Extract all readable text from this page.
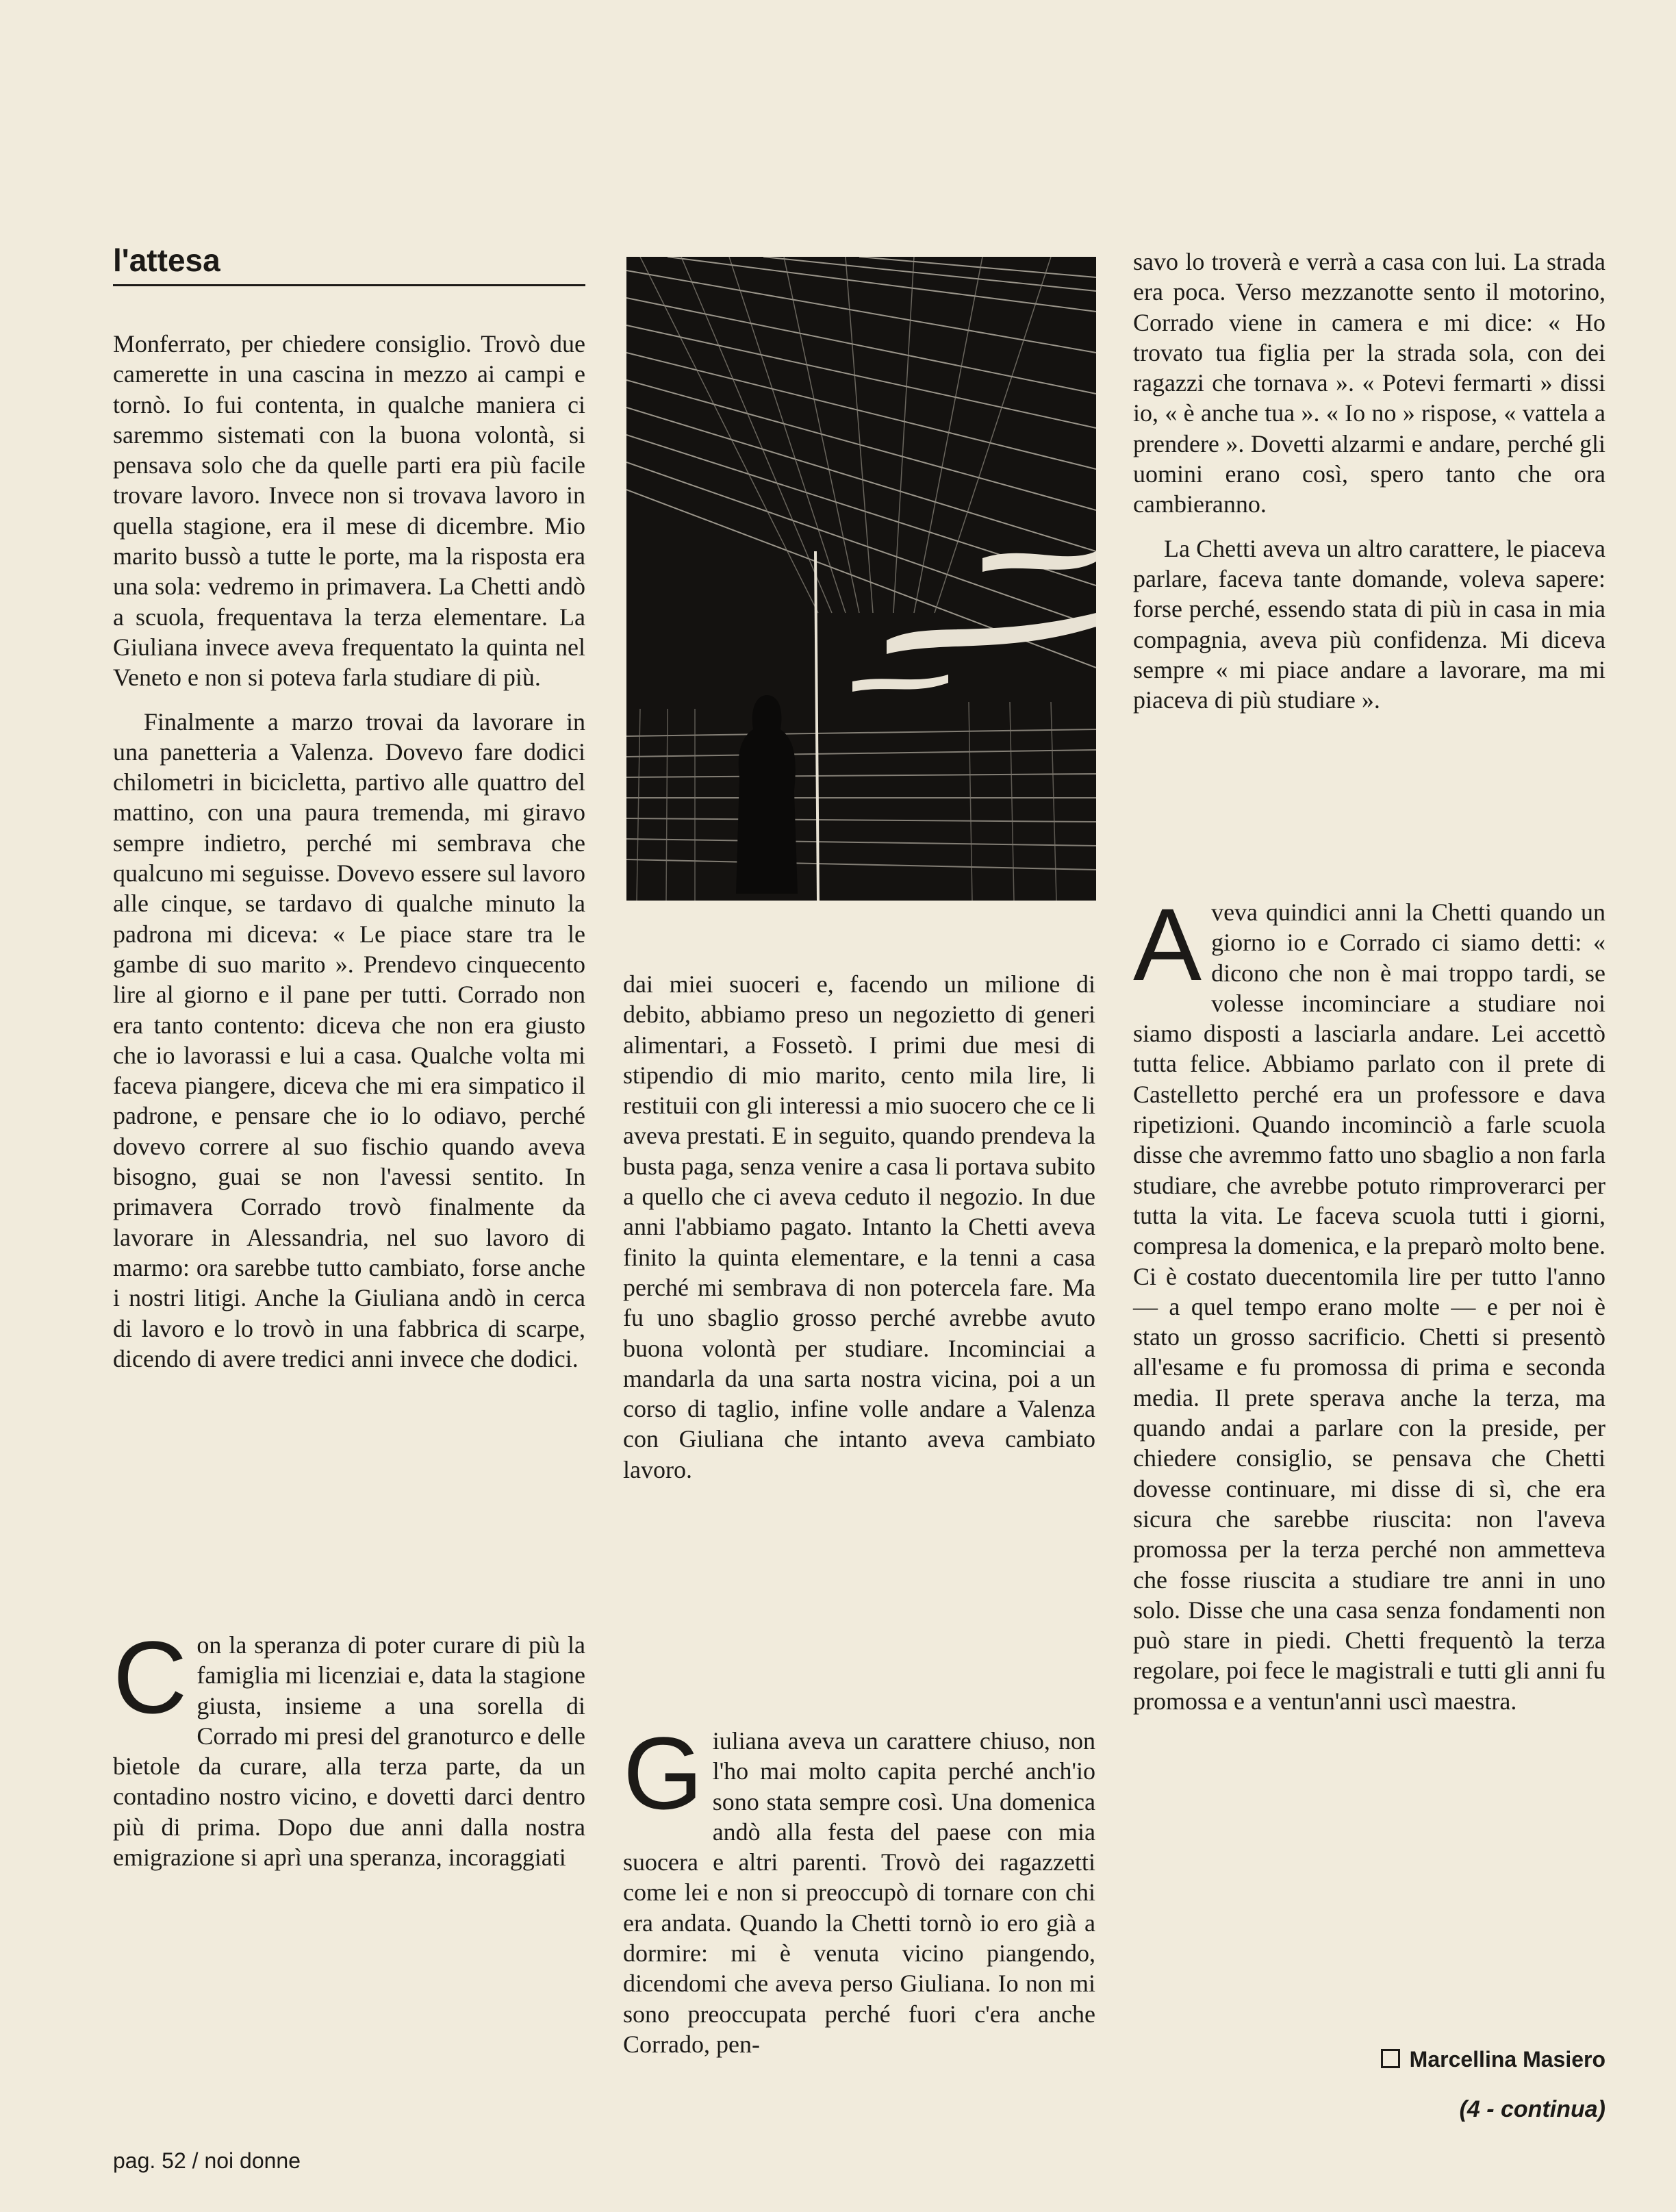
l'attesa

Monferrato, per chiedere consiglio. Trovò due camerette in una cascina in mezzo ai campi e tornò. Io fui contenta, in qualche maniera ci saremmo sistemati con la buona volontà, si pensava solo che da quelle parti era più facile trovare lavoro. Invece non si trovava lavoro in quella stagione, era il mese di dicembre. Mio marito bussò a tutte le porte, ma la risposta era una sola: vedremo in primavera. La Chetti andò a scuola, frequentava la terza elementare. La Giuliana invece aveva frequentato la quinta nel Veneto e non si poteva farla studiare di più.

Finalmente a marzo trovai da lavorare in una panetteria a Valenza. Dovevo fare dodici chilometri in bicicletta, partivo alle quattro del mattino, con una paura tremenda, mi giravo sempre indietro, perché mi sembrava che qualcuno mi seguisse. Dovevo essere sul lavoro alle cinque, se tardavo di qualche minuto la padrona mi diceva: « Le piace stare tra le gambe di suo marito ». Prendevo cinquecento lire al giorno e il pane per tutti. Corrado non era tanto contento: diceva che non era giusto che io lavorassi e lui a casa. Qualche volta mi faceva piangere, diceva che mi era simpatico il padrone, e pensare che io lo odiavo, perché dovevo correre al suo fischio quando aveva bisogno, guai se non l'avessi sentito. In primavera Corrado trovò finalmente da lavorare in Alessandria, nel suo lavoro di marmo: ora sarebbe tutto cambiato, forse anche i nostri litigi. Anche la Giuliana andò in cerca di lavoro e lo trovò in una fabbrica di scarpe, dicendo di avere tredici anni invece che dodici.

Con la speranza di poter curare di più la famiglia mi licenziai e, data la stagione giusta, insieme a una sorella di Corrado mi presi del granoturco e delle bietole da curare, alla terza parte, da un contadino nostro vicino, e dovetti darci dentro più di prima. Dopo due anni dalla nostra emigrazione si aprì una speranza, incoraggiati

dai miei suoceri e, facendo un milione di debito, abbiamo preso un negozietto di generi alimentari, a Fossetò. I primi due mesi di stipendio di mio marito, cento mila lire, li restituii con gli interessi a mio suocero che ce li aveva prestati. E in seguito, quando prendeva la busta paga, senza venire a casa li portava subito a quello che ci aveva ceduto il negozio. In due anni l'abbiamo pagato. Intanto la Chetti aveva finito la quinta elementare, e la tenni a casa perché mi sembrava di non potercela fare. Ma fu uno sbaglio grosso perché avrebbe avuto buona volontà per studiare. Incominciai a mandarla da una sarta nostra vicina, poi a un corso di taglio, infine volle andare a Valenza con Giuliana che intanto aveva cambiato lavoro.

Giuliana aveva un carattere chiuso, non l'ho mai molto capita perché anch'io sono stata sempre così. Una domenica andò alla festa del paese con mia suocera e altri parenti. Trovò dei ragazzetti come lei e non si preoccupò di tornare con chi era andata. Quando la Chetti tornò io ero già a dormire: mi è venuta vicino piangendo, dicendomi che aveva perso Giuliana. Io non mi sono preoccupata perché fuori c'era anche Corrado, pen-

savo lo troverà e verrà a casa con lui. La strada era poca. Verso mezzanotte sento il motorino, Corrado viene in camera e mi dice: « Ho trovato tua figlia per la strada sola, con dei ragazzi che tornava ». « Potevi fermarti » dissi io, « è anche tua ». « Io no » rispose, « vattela a prendere ». Dovetti alzarmi e andare, perché gli uomini erano così, spero tanto che ora cambieranno.

La Chetti aveva un altro carattere, le piaceva parlare, faceva tante domande, voleva sapere: forse perché, essendo stata di più in casa in mia compagnia, aveva più confidenza. Mi diceva sempre « mi piace andare a lavorare, ma mi piaceva di più studiare ».

Aveva quindici anni la Chetti quando un giorno io e Corrado ci siamo detti: « dicono che non è mai troppo tardi, se volesse incominciare a studiare noi siamo disposti a lasciarla andare. Lei accettò tutta felice. Abbiamo parlato con il prete di Castelletto perché era un professore e dava ripetizioni. Quando incominciò a farle scuola disse che avremmo fatto uno sbaglio a non farla studiare, che avrebbe potuto rimproverarci per tutta la vita. Le faceva scuola tutti i giorni, compresa la domenica, e la preparò molto bene. Ci è costato duecentomila lire per tutto l'anno — a quel tempo erano molte — e per noi è stato un grosso sacrificio. Chetti si presentò all'esame e fu promossa di prima e seconda media. Il prete sperava anche la terza, ma quando andai a parlare con la preside, per chiedere consiglio, se pensava che Chetti dovesse continuare, mi disse di sì, che era sicura che sarebbe riuscita: non l'aveva promossa per la terza perché non ammetteva che fosse riuscita a studiare tre anni in uno solo. Disse che una casa senza fondamenti non può stare in piedi. Chetti frequentò la terza regolare, poi fece le magistrali e tutti gli anni fu promossa e a ventun'anni uscì maestra.

Marcellina Masiero
(4 - continua)
pag. 52 / noi donne
